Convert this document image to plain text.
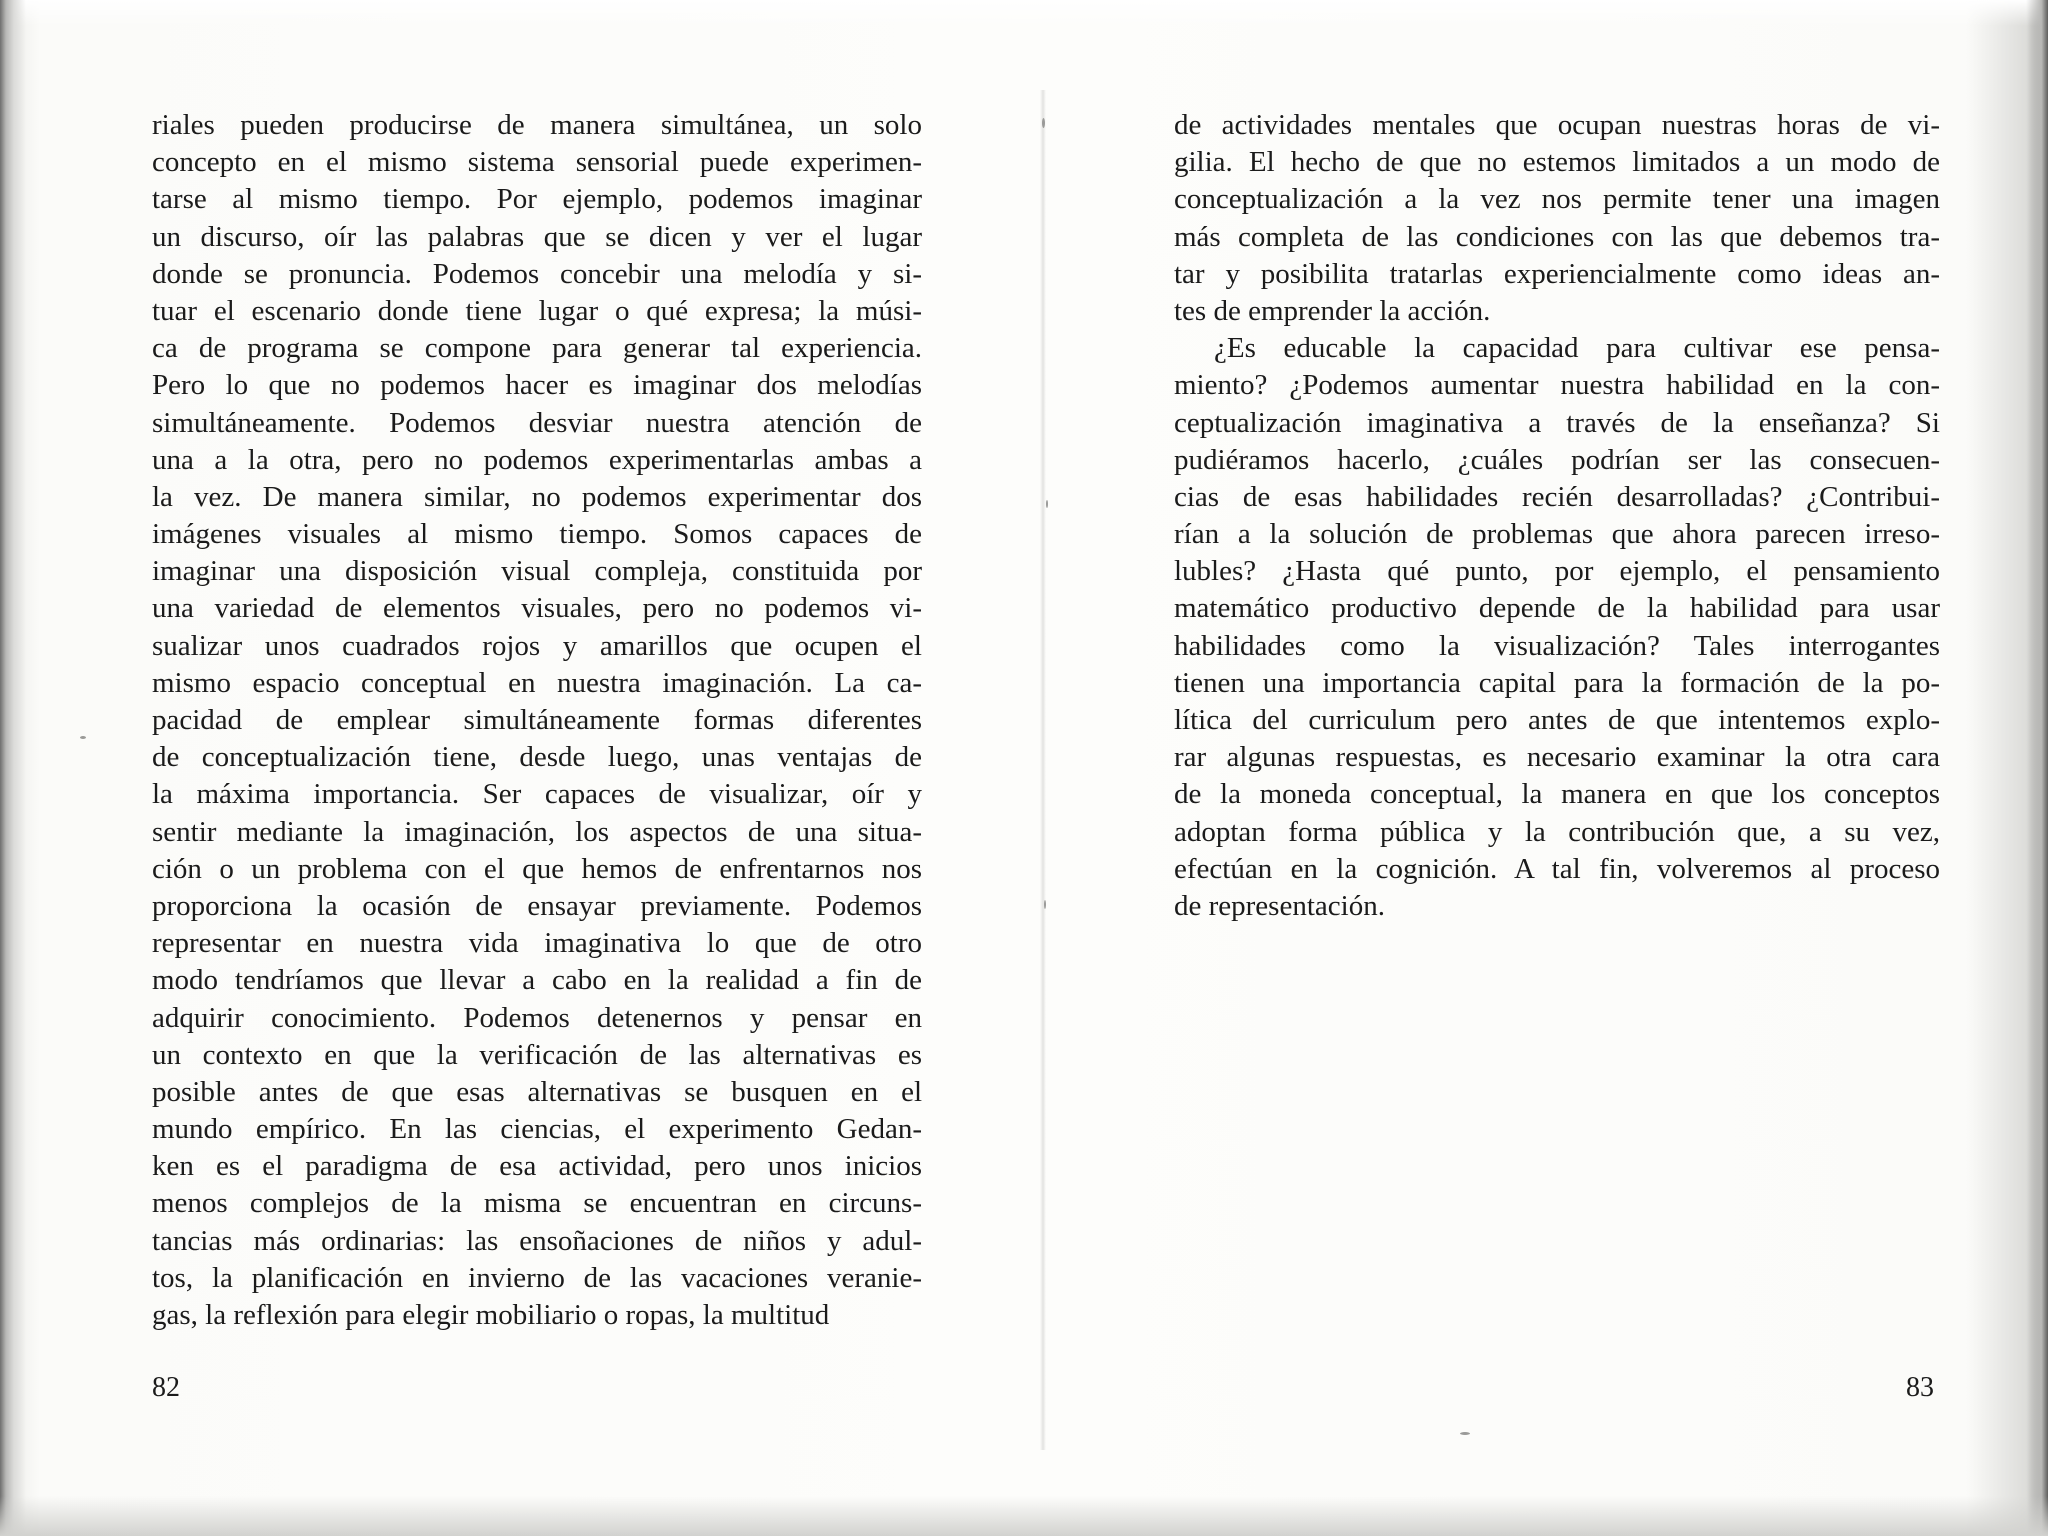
riales pueden producirse de manera simultánea, un solo
concepto en el mismo sistema sensorial puede experimen-
tarse al mismo tiempo. Por ejemplo, podemos imaginar
un discurso, oír las palabras que se dicen y ver el lugar
donde se pronuncia. Podemos concebir una melodía y si-
tuar el escenario donde tiene lugar o qué expresa; la músi-
ca de programa se compone para generar tal experiencia.
Pero lo que no podemos hacer es imaginar dos melodías
simultáneamente. Podemos desviar nuestra atención de
una a la otra, pero no podemos experimentarlas ambas a
la vez. De manera similar, no podemos experimentar dos
imágenes visuales al mismo tiempo. Somos capaces de
imaginar una disposición visual compleja, constituida por
una variedad de elementos visuales, pero no podemos vi-
sualizar unos cuadrados rojos y amarillos que ocupen el
mismo espacio conceptual en nuestra imaginación. La ca-
pacidad de emplear simultáneamente formas diferentes
de conceptualización tiene, desde luego, unas ventajas de
la máxima importancia. Ser capaces de visualizar, oír y
sentir mediante la imaginación, los aspectos de una situa-
ción o un problema con el que hemos de enfrentarnos nos
proporciona la ocasión de ensayar previamente. Podemos
representar en nuestra vida imaginativa lo que de otro
modo tendríamos que llevar a cabo en la realidad a fin de
adquirir conocimiento. Podemos detenernos y pensar en
un contexto en que la verificación de las alternativas es
posible antes de que esas alternativas se busquen en el
mundo empírico. En las ciencias, el experimento Gedan-
ken es el paradigma de esa actividad, pero unos inicios
menos complejos de la misma se encuentran en circuns-
tancias más ordinarias: las ensoñaciones de niños y adul-
tos, la planificación en invierno de las vacaciones veranie-
gas, la reflexión para elegir mobiliario o ropas, la multitud
de actividades mentales que ocupan nuestras horas de vi-
gilia. El hecho de que no estemos limitados a un modo de
conceptualización a la vez nos permite tener una imagen
más completa de las condiciones con las que debemos tra-
tar y posibilita tratarlas experiencialmente como ideas an-
tes de emprender la acción.
¿Es educable la capacidad para cultivar ese pensa-
miento? ¿Podemos aumentar nuestra habilidad en la con-
ceptualización imaginativa a través de la enseñanza? Si
pudiéramos hacerlo, ¿cuáles podrían ser las consecuen-
cias de esas habilidades recién desarrolladas? ¿Contribui-
rían a la solución de problemas que ahora parecen irreso-
lubles? ¿Hasta qué punto, por ejemplo, el pensamiento
matemático productivo depende de la habilidad para usar
habilidades como la visualización? Tales interrogantes
tienen una importancia capital para la formación de la po-
lítica del curriculum pero antes de que intentemos explo-
rar algunas respuestas, es necesario examinar la otra cara
de la moneda conceptual, la manera en que los conceptos
adoptan forma pública y la contribución que, a su vez,
efectúan en la cognición. A tal fin, volveremos al proceso
de representación.
82	83
